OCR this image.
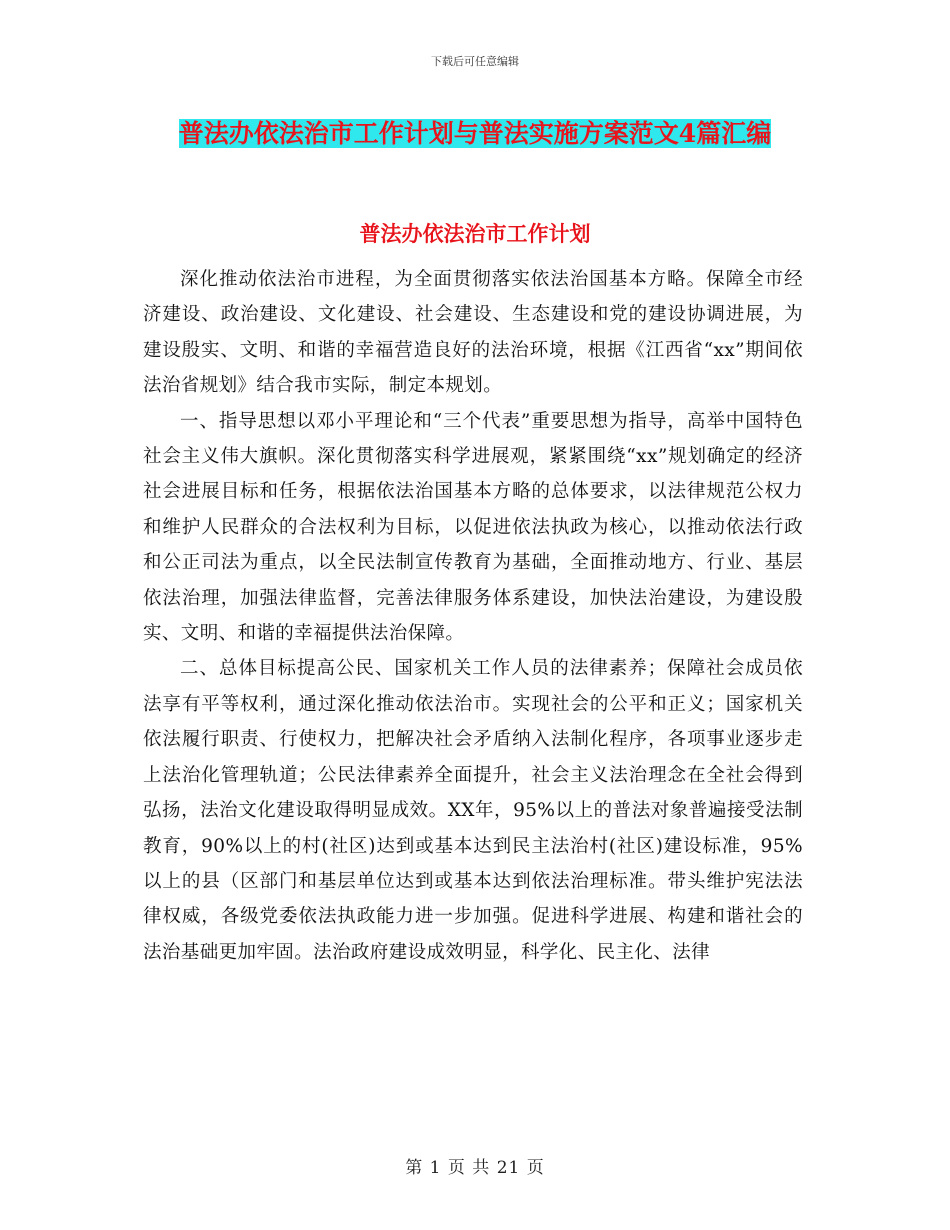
下载后可任意编辑
普法办依法治市工作计划与普法实施方案范文4篇汇编
普法办依法治市工作计划

深化推动依法治市进程，为全面贯彻落实依法治国基本方略。保障全市经济建设、政治建设、文化建设、社会建设、生态建设和党的建设协调进展，为建设殷实、文明、和谐的幸福营造良好的法治环境，根据《江西省“xx”期间依法治省规划》结合我市实际，制定本规划。

一、指导思想以邓小平理论和“三个代表”重要思想为指导，高举中国特色社会主义伟大旗帜。深化贯彻落实科学进展观，紧紧围绕“xx”规划确定的经济社会进展目标和任务，根据依法治国基本方略的总体要求，以法律规范公权力和维护人民群众的合法权利为目标，以促进依法执政为核心，以推动依法行政和公正司法为重点，以全民法制宣传教育为基础，全面推动地方、行业、基层依法治理，加强法律监督，完善法律服务体系建设，加快法治建设，为建设殷实、文明、和谐的幸福提供法治保障。

二、总体目标提高公民、国家机关工作人员的法律素养；保障社会成员依法享有平等权利，通过深化推动依法治市。实现社会的公平和正义；国家机关依法履行职责、行使权力，把解决社会矛盾纳入法制化程序，各项事业逐步走上法治化管理轨道；公民法律素养全面提升，社会主义法治理念在全社会得到弘扬，法治文化建设取得明显成效。XX年，95%以上的普法对象普遍接受法制教育，90%以上的村(社区)达到或基本达到民主法治村(社区)建设标准，95%以上的县（区部门和基层单位达到或基本达到依法治理标准。带头维护宪法法律权威，各级党委依法执政能力进一步加强。促进科学进展、构建和谐社会的法治基础更加牢固。法治政府建设成效明显，科学化、民主化、法律

第 1 页 共 21 页
